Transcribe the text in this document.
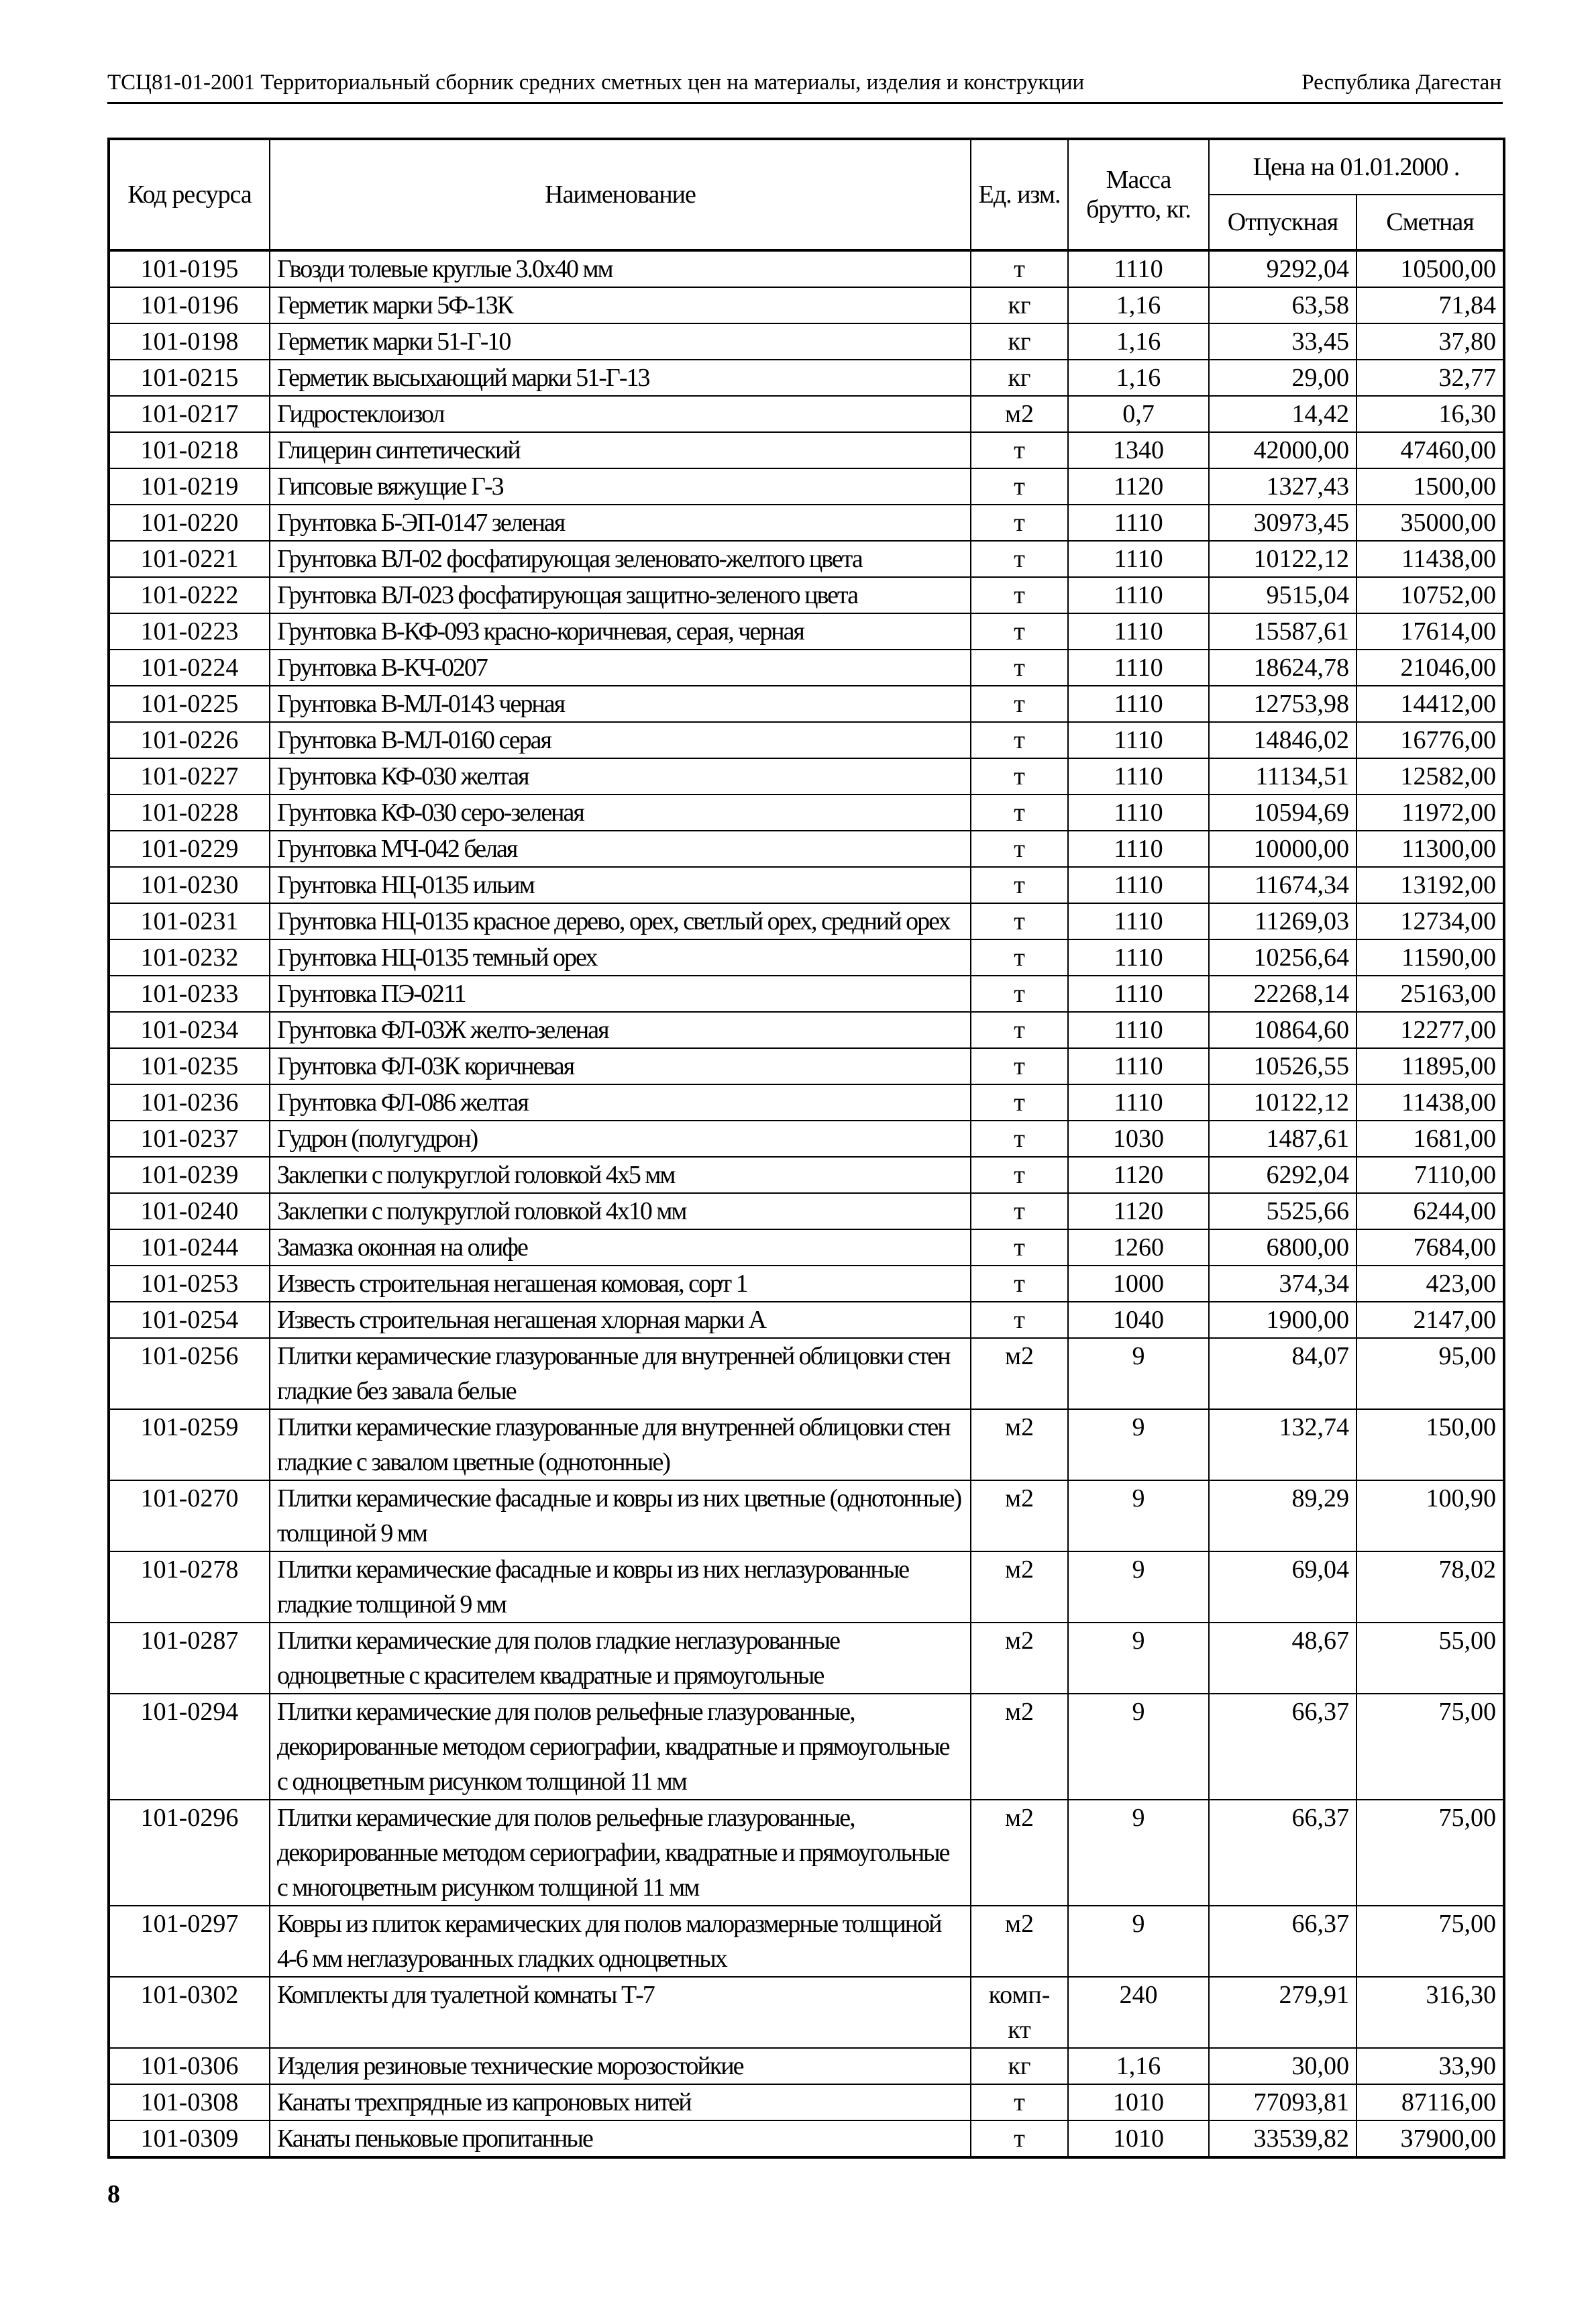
ТСЦ81-01-2001 Территориальный сборник средних сметных цен на материалы, изделия и конструкции	Республика Дагестан
Код ресурса	Наименование	Ед. изм.	Масса брутто, кг.	Цена на 01.01.2000 .	
				Отпускная	Сметная
101-0195	Гвозди толевые круглые 3.0х40 мм	т	1110	9292,04	10500,00
101-0196	Герметик марки 5Ф-13К	кг	1,16	63,58	71,84
101-0198	Герметик марки 51-Г-10	кг	1,16	33,45	37,80
101-0215	Герметик высыхающий марки 51-Г-13	кг	1,16	29,00	32,77
101-0217	Гидростеклоизол	м2	0,7	14,42	16,30
101-0218	Глицерин синтетический	т	1340	42000,00	47460,00
101-0219	Гипсовые вяжущие Г-3	т	1120	1327,43	1500,00
101-0220	Грунтовка Б-ЭП-0147 зеленая	т	1110	30973,45	35000,00
101-0221	Грунтовка ВЛ-02 фосфатирующая зеленовато-желтого цвета	т	1110	10122,12	11438,00
101-0222	Грунтовка ВЛ-023 фосфатирующая защитно-зеленого цвета	т	1110	9515,04	10752,00
101-0223	Грунтовка В-КФ-093 красно-коричневая, серая, черная	т	1110	15587,61	17614,00
101-0224	Грунтовка В-КЧ-0207	т	1110	18624,78	21046,00
101-0225	Грунтовка В-МЛ-0143 черная	т	1110	12753,98	14412,00
101-0226	Грунтовка В-МЛ-0160 серая	т	1110	14846,02	16776,00
101-0227	Грунтовка КФ-030 желтая	т	1110	11134,51	12582,00
101-0228	Грунтовка КФ-030 серо-зеленая	т	1110	10594,69	11972,00
101-0229	Грунтовка МЧ-042 белая	т	1110	10000,00	11300,00
101-0230	Грунтовка НЦ-0135 ильим	т	1110	11674,34	13192,00
101-0231	Грунтовка НЦ-0135 красное дерево, орех, светлый орех, средний орех	т	1110	11269,03	12734,00
101-0232	Грунтовка НЦ-0135 темный орех	т	1110	10256,64	11590,00
101-0233	Грунтовка ПЭ-0211	т	1110	22268,14	25163,00
101-0234	Грунтовка ФЛ-03Ж желто-зеленая	т	1110	10864,60	12277,00
101-0235	Грунтовка ФЛ-03К коричневая	т	1110	10526,55	11895,00
101-0236	Грунтовка ФЛ-086 желтая	т	1110	10122,12	11438,00
101-0237	Гудрон (полугудрон)	т	1030	1487,61	1681,00
101-0239	Заклепки с полукруглой головкой 4х5 мм	т	1120	6292,04	7110,00
101-0240	Заклепки с полукруглой головкой 4х10 мм	т	1120	5525,66	6244,00
101-0244	Замазка оконная на олифе	т	1260	6800,00	7684,00
101-0253	Известь строительная негашеная комовая, сорт 1	т	1000	374,34	423,00
101-0254	Известь строительная негашеная хлорная марки А	т	1040	1900,00	2147,00
101-0256	Плитки керамические глазурованные для внутренней облицовки стен гладкие без завала белые	м2	9	84,07	95,00
101-0259	Плитки керамические глазурованные для внутренней облицовки стен гладкие с завалом цветные (однотонные)	м2	9	132,74	150,00
101-0270	Плитки керамические фасадные и ковры из них цветные (однотонные) толщиной 9 мм	м2	9	89,29	100,90
101-0278	Плитки керамические фасадные и ковры из них неглазурованные гладкие толщиной 9 мм	м2	9	69,04	78,02
101-0287	Плитки керамические для полов гладкие неглазурованные одноцветные с красителем квадратные и прямоугольные	м2	9	48,67	55,00
101-0294	Плитки керамические для полов рельефные глазурованные, декорированные методом сериографии, квадратные и прямоугольные с одноцветным рисунком толщиной 11 мм	м2	9	66,37	75,00
101-0296	Плитки керамические для полов рельефные глазурованные, декорированные методом сериографии, квадратные и прямоугольные с многоцветным рисунком толщиной 11 мм	м2	9	66,37	75,00
101-0297	Ковры из плиток керамических для полов малоразмерные толщиной 4-6 мм неглазурованных гладких одноцветных	м2	9	66,37	75,00
101-0302	Комплекты для туалетной комнаты Т-7	комп-кт	240	279,91	316,30
101-0306	Изделия резиновые технические морозостойкие	кг	1,16	30,00	33,90
101-0308	Канаты трехпрядные из капроновых нитей	т	1010	77093,81	87116,00
101-0309	Канаты пеньковые пропитанные	т	1010	33539,82	37900,00
8
